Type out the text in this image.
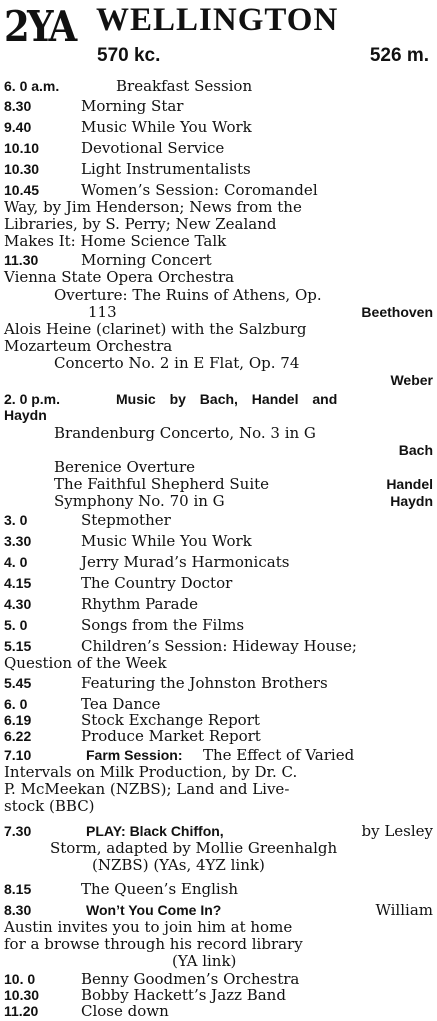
2YA WELLINGTON
570 kc.	526 m.
6. 0 a.m.	Breakfast Session
8.30	Morning Star
9.40	Music While You Work
10.10	Devotional Service
10.30	Light Instrumentalists
10.45	Women’s Session: Coromandel
Way, by Jim Henderson; News from the
Libraries, by S. Perry; New Zealand
Makes It: Home Science Talk
11.30	Morning Concert
Vienna State Opera Orchestra
Overture: The Ruins of Athens, Op.
113	Beethoven
Alois Heine (clarinet) with the Salzburg
Mozarteum Orchestra
Concerto No. 2 in E Flat, Op. 74
Weber
2. 0 p.m.	Music by Bach, Handel and
Haydn
Brandenburg Concerto, No. 3 in G
Bach
Berenice Overture
The Faithful Shepherd Suite	Handel
Symphony No. 70 in G	Haydn
3. 0	Stepmother
3.30	Music While You Work
4. 0	Jerry Murad’s Harmonicats
4.15	The Country Doctor
4.30	Rhythm Parade
5. 0	Songs from the Films
5.15	Children’s Session: Hideway House;
Question of the Week
5.45	Featuring the Johnston Brothers
6. 0	Tea Dance
6.19	Stock Exchange Report
6.22	Produce Market Report
7.10	Farm Session: The Effect of Varied
Intervals on Milk Production, by Dr. C.
P. McMeekan (NZBS); Land and Live-
stock (BBC)
7.30	PLAY: Black Chiffon,	by Lesley
Storm, adapted by Mollie Greenhalgh
(NZBS) (YAs, 4YZ link)
8.15	The Queen’s English
8.30	Won’t You Come In?	William
Austin invites you to join him at home
for a browse through his record library
(YA link)
10. 0	Benny Goodmen’s Orchestra
10.30	Bobby Hackett’s Jazz Band
11.20	Close down
